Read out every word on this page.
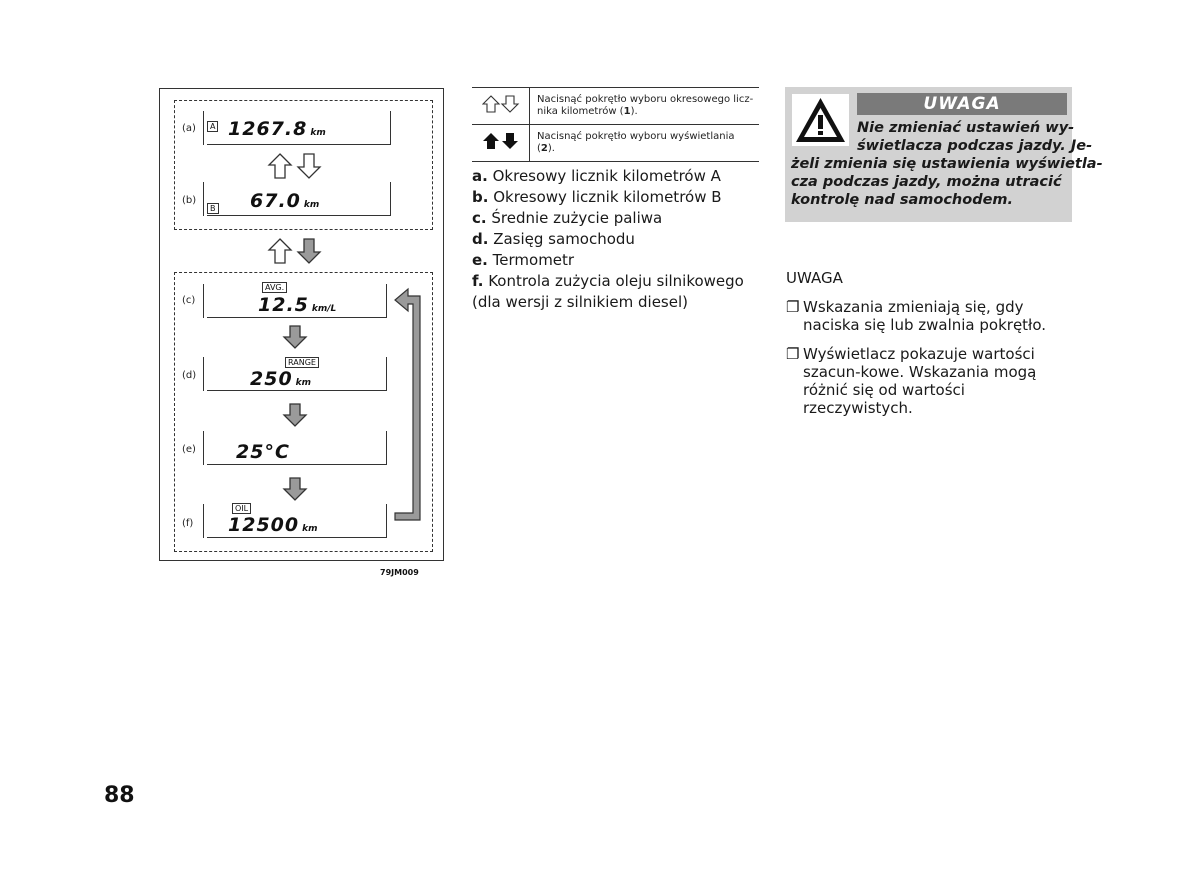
(a)	A 1267.8 km
(b)
B 67.0 km
(c)
AVG.
12.5 km/L
(d)
RANGE
250 km
(e) 25°C
(f)
OIL
12500 km
79JM009
	Nacisnąć pokrętło wyboru okresowego licz-nika kilometrów (1).
	Nacisnąć pokrętło wyboru wyświetlania (2).

a. Okresowy licznik kilometrów A

b. Okresowy licznik kilometrów B

c. Średnie zużycie paliwa

d. Zasięg samochodu

e. Termometr

f. Kontrola zużycia oleju silnikowego (dla wersji z silnikiem diesel)

UWAGA
Nie zmieniać ustawień wy-
świetlacza podczas jazdy. Je-
żeli zmienia się ustawienia wyświetla-
cza podczas jazdy, można utracić
kontrolę nad samochodem.
UWAGA
❐ Wskazania zmieniają się, gdy naciska się lub zwalnia pokrętło.
❐ Wyświetlacz pokazuje wartości szacun-kowe. Wskazania mogą różnić się od wartości rzeczywistych.
88
